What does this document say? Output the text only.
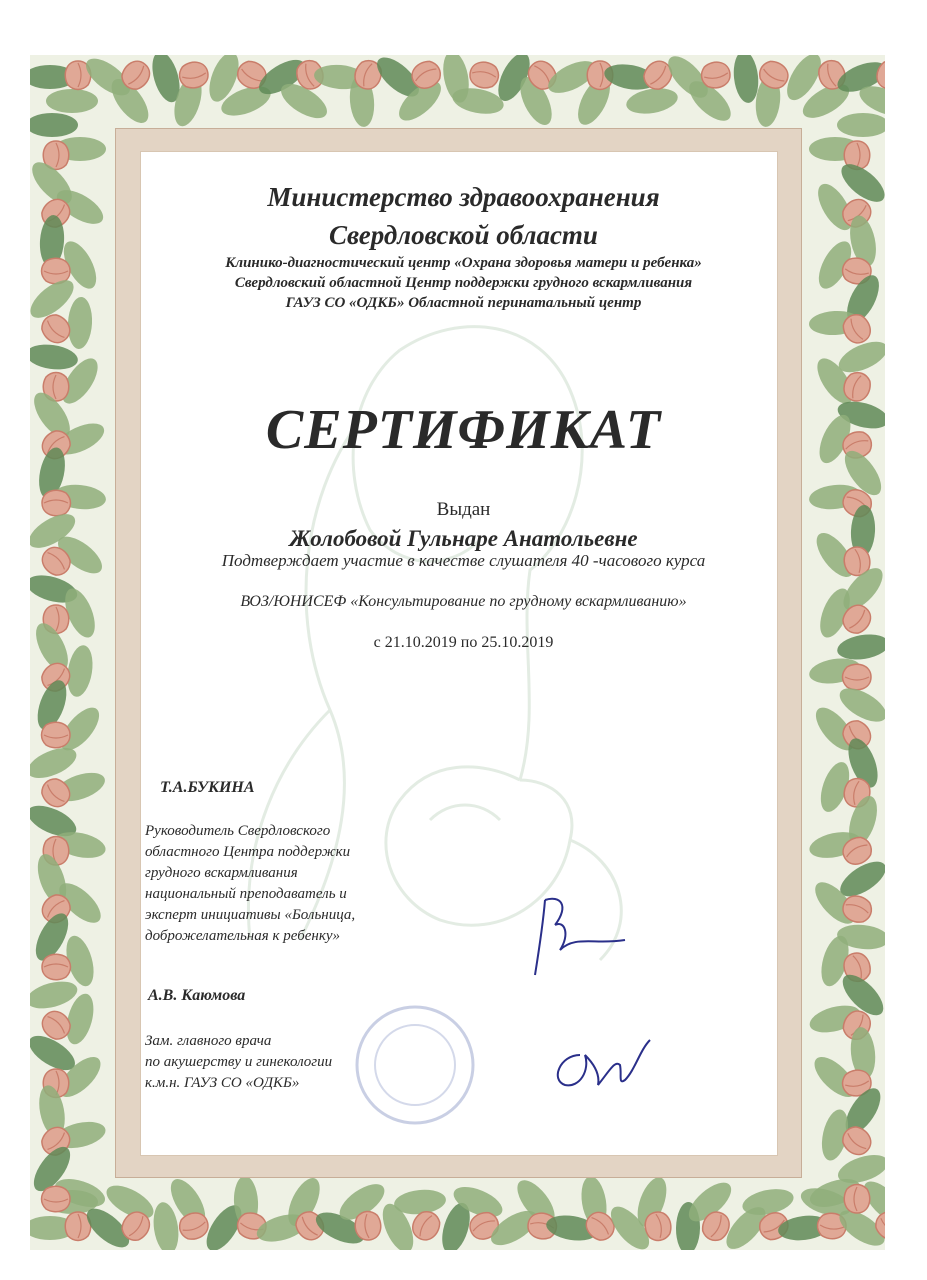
Министерство здравоохранения

Свердловской области

Клинико-диагностический центр «Охрана здоровья матери и ребенка»

Свердловский областной Центр поддержки грудного вскармливания

ГАУЗ СО «ОДКБ» Областной перинатальный центр

СЕРТИФИКАТ

Выдан

Жолобовой Гульнаре Анатольевне

Подтверждает участие в качестве слушателя 40 -часового курса

ВОЗ/ЮНИСЕФ «Консультирование по грудному вскармливанию»

с 21.10.2019 по 25.10.2019

Т.А.БУКИНА

Руководитель Свердловского
областного Центра поддержки
грудного вскармливания
национальный преподаватель и
эксперт инициативы «Больница,
доброжелательная к ребенку»

А.В. Каюмова

Зам. главного врача
по акушерству и гинекологии
к.м.н. ГАУЗ СО «ОДКБ»
